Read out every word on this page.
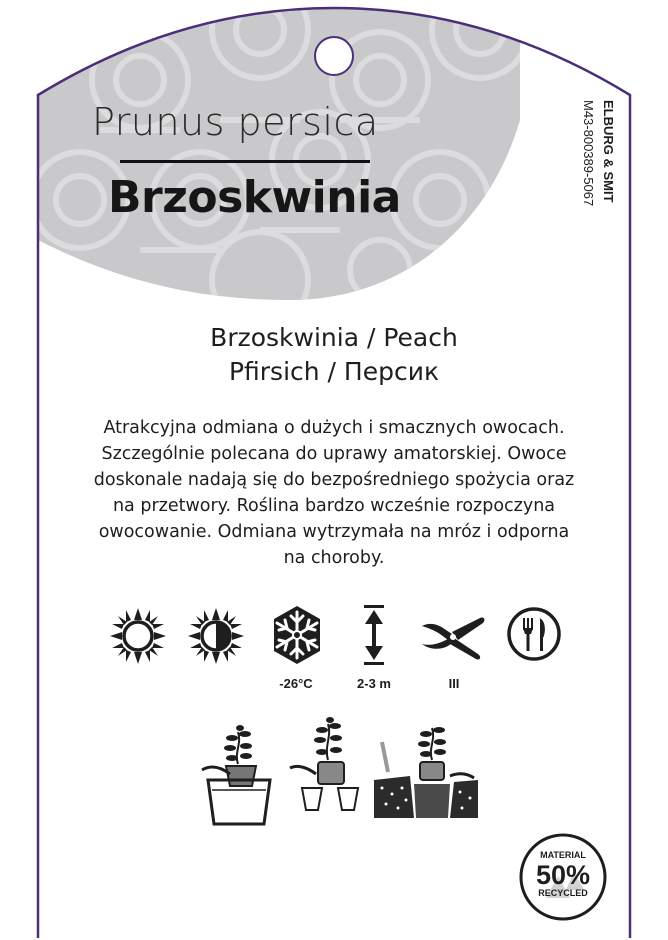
Prunus persica
Brzoskwinia	ELBURG & SMIT
M43-800389-5067
Brzoskwinia / Peach
Pfirsich / Персик
Atrakcyjna odmiana o dużych i smacznych owocach.
Szczególnie polecana do uprawy amatorskiej. Owoce
doskonale nadają się do bezpośredniego spożycia oraz
na przetwory. Roślina bardzo wcześnie rozpoczyna
owocowanie. Odmiana wytrzymała na mróz i odporna
na choroby.
-26°C	2-3 m	III
MATERIAL
50%
RECYCLED
